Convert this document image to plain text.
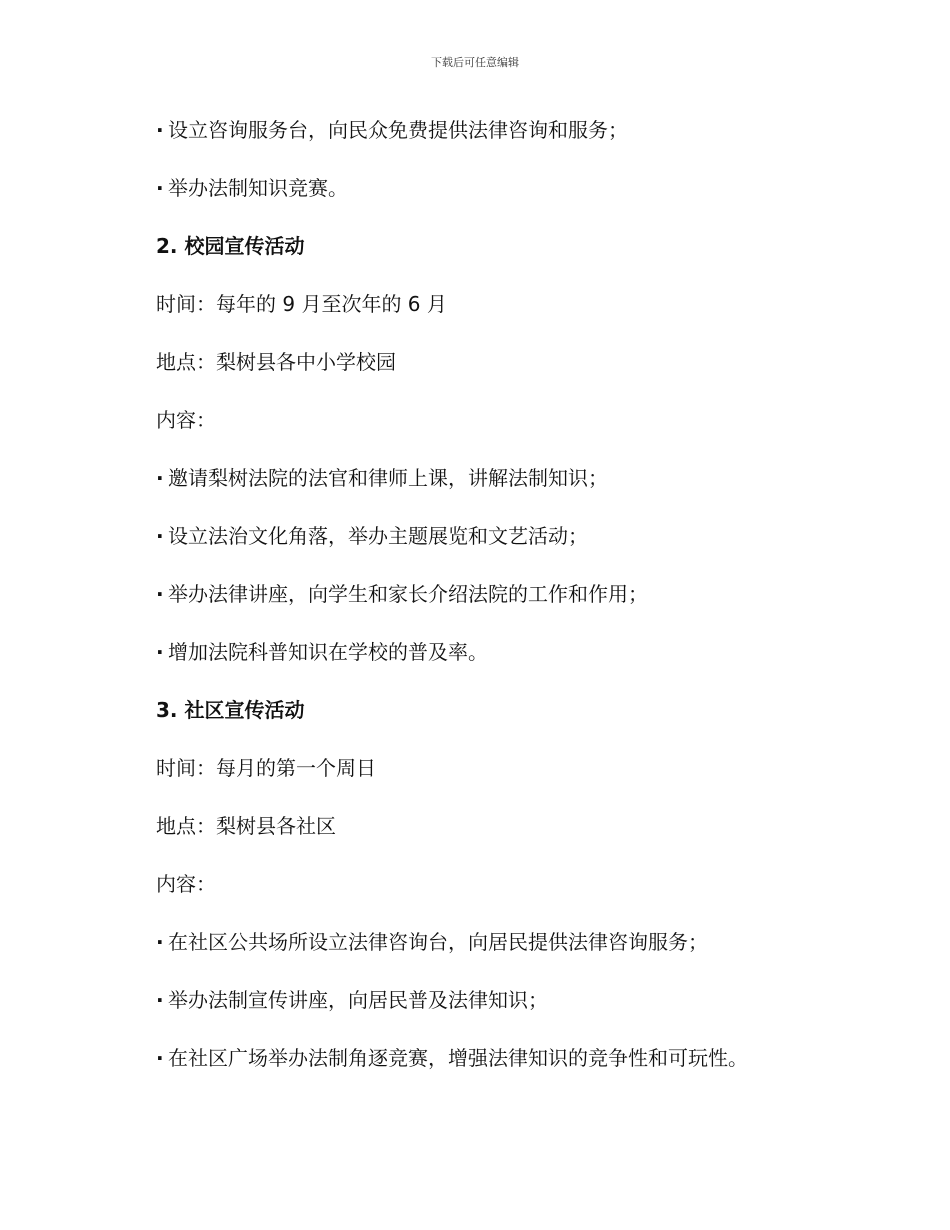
下载后可任意编辑
· 设立咨询服务台，向民众免费提供法律咨询和服务；
· 举办法制知识竞赛。
2. 校园宣传活动
时间：每年的 9 月至次年的 6 月
地点：梨树县各中小学校园
内容：
· 邀请梨树法院的法官和律师上课，讲解法制知识；
· 设立法治文化角落，举办主题展览和文艺活动；
· 举办法律讲座，向学生和家长介绍法院的工作和作用；
· 增加法院科普知识在学校的普及率。
3. 社区宣传活动
时间：每月的第一个周日
地点：梨树县各社区
内容：
· 在社区公共场所设立法律咨询台，向居民提供法律咨询服务；
· 举办法制宣传讲座，向居民普及法律知识；
· 在社区广场举办法制角逐竞赛，增强法律知识的竞争性和可玩性。
